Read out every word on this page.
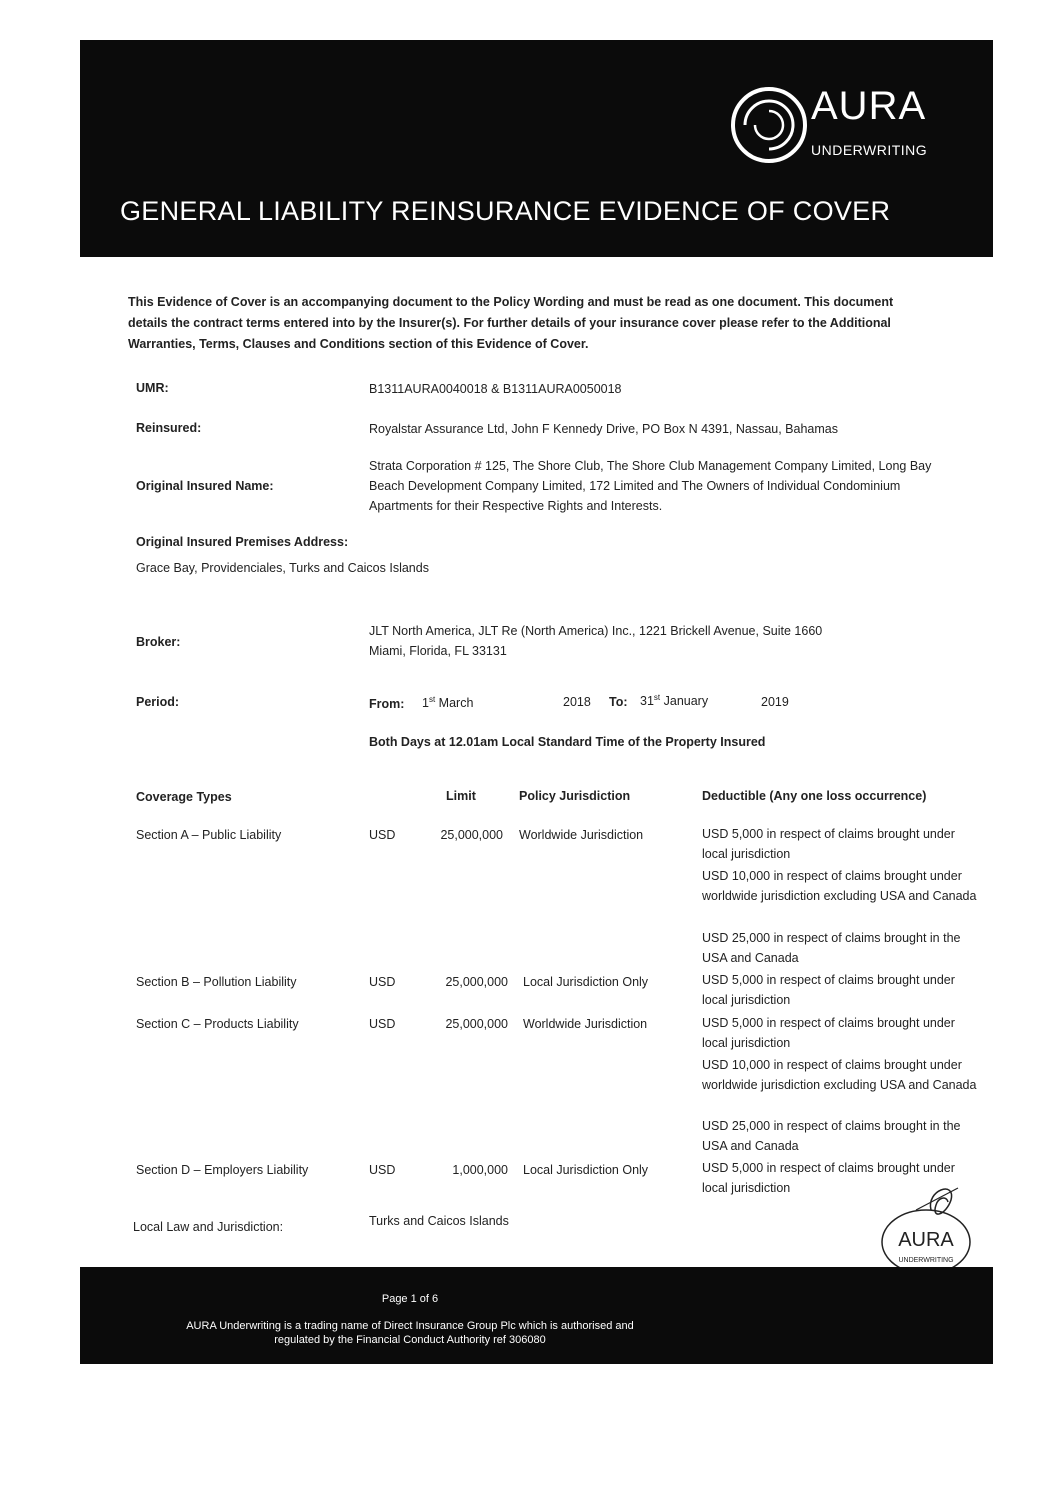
AURA
UNDERWRITING
GENERAL LIABILITY REINSURANCE EVIDENCE OF COVER
This Evidence of Cover is an accompanying document to the Policy Wording and must be read as one document. This document details the contract terms entered into by the Insurer(s). For further details of your insurance cover please refer to the Additional Warranties, Terms, Clauses and Conditions section of this Evidence of Cover.
UMR:	B1311AURA0040018 & B1311AURA0050018
Reinsured:	Royalstar Assurance Ltd, John F Kennedy Drive, PO Box N 4391, Nassau, Bahamas
Original Insured Name:
Strata Corporation # 125, The Shore Club, The Shore Club Management Company Limited, Long Bay Beach Development Company Limited, 172 Limited and The Owners of Individual Condominium Apartments for their Respective Rights and Interests.
Original Insured Premises Address:
Grace Bay, Providenciales, Turks and Caicos Islands
Broker:
JLT North America, JLT Re (North America) Inc., 1221 Brickell Avenue, Suite 1660
Miami, Florida, FL 33131
Period:	From: 1st March	2018 To: 31st January	2019
Both Days at 12.01am Local Standard Time of the Property Insured
Coverage Types	Limit	Policy Jurisdiction	Deductible (Any one loss occurrence)
Section A – Public Liability	USD	25,000,000 Worldwide Jurisdiction	USD 5,000 in respect of claims brought under local jurisdiction
USD 10,000 in respect of claims brought under worldwide jurisdiction excluding USA and Canada
USD 25,000 in respect of claims brought in the USA and Canada
Section B – Pollution Liability	USD	25,000,000 Local Jurisdiction Only	USD 5,000 in respect of claims brought under local jurisdiction
Section C – Products Liability	USD	25,000,000 Worldwide Jurisdiction	USD 5,000 in respect of claims brought under local jurisdiction
USD 10,000 in respect of claims brought under worldwide jurisdiction excluding USA and Canada
USD 25,000 in respect of claims brought in the USA and Canada
Section D – Employers Liability	USD	1,000,000 Local Jurisdiction Only	USD 5,000 in respect of claims brought under local jurisdiction
Local Law and Jurisdiction:	Turks and Caicos Islands
AURA
UNDERWRITING
Page 1 of 6
AURA Underwriting is a trading name of Direct Insurance Group Plc which is authorised and
regulated by the Financial Conduct Authority ref 306080
